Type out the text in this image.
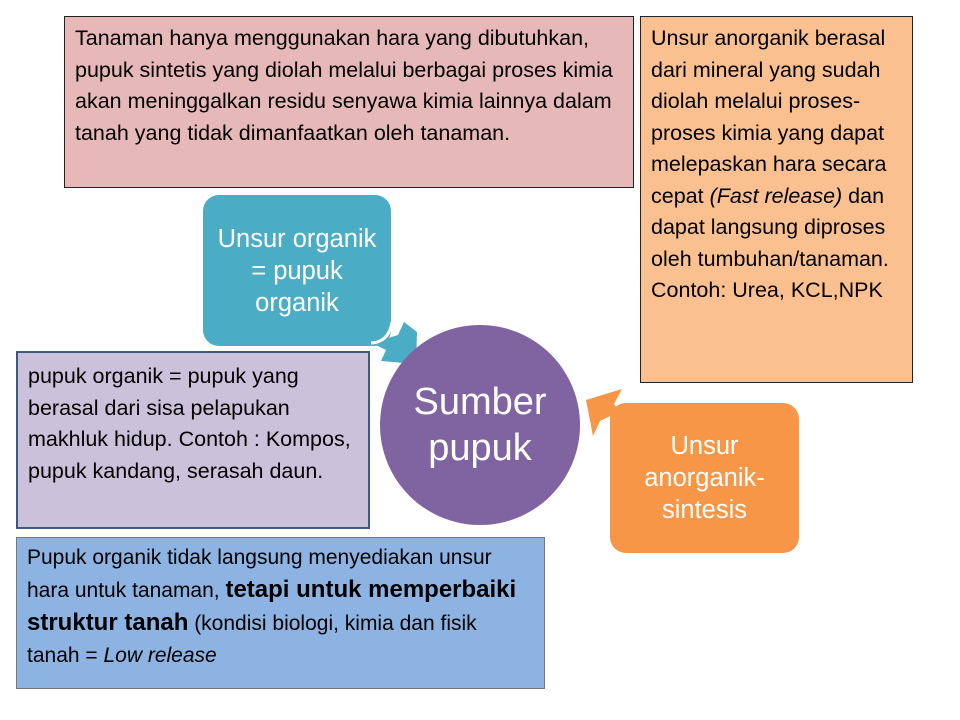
Tanaman hanya menggunakan hara yang dibutuhkan, pupuk sintetis yang diolah melalui berbagai proses kimia akan meninggalkan residu senyawa kimia lainnya dalam tanah yang tidak dimanfaatkan oleh tanaman.
Unsur anorganik berasal dari mineral yang sudah diolah melalui proses-proses kimia yang dapat melepaskan hara secara cepat (Fast release) dan dapat langsung diproses oleh tumbuhan/tanaman. Contoh: Urea, KCL,NPK
Unsur organik = pupuk organik
Sumber
pupuk	Unsur anorganik-sintesis
pupuk organik = pupuk yang berasal dari sisa pelapukan makhluk hidup. Contoh : Kompos, pupuk kandang, serasah daun.
Pupuk organik tidak langsung menyediakan unsur hara untuk tanaman, tetapi untuk memperbaiki struktur tanah (kondisi biologi, kimia dan fisik tanah = Low release
